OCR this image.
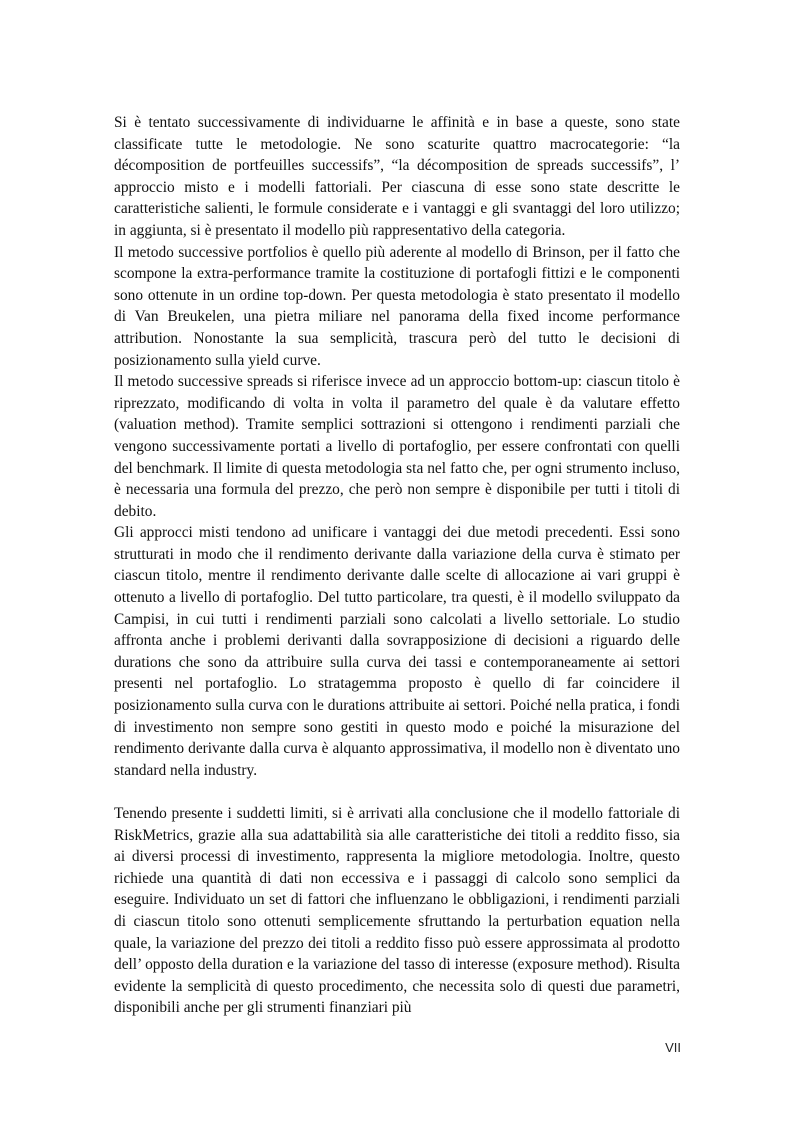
Si è tentato successivamente di individuarne le affinità e in base a queste, sono state classificate tutte le metodologie. Ne sono scaturite quattro macrocategorie: “la décomposition de portfeuilles successifs”, “la décomposition de spreads successifs”, l’ approccio misto e i modelli fattoriali. Per ciascuna di esse sono state descritte le caratteristiche salienti, le formule considerate e i vantaggi e gli svantaggi del loro utilizzo; in aggiunta, si è presentato il modello più rappresentativo della categoria.

Il metodo successive portfolios è quello più aderente al modello di Brinson, per il fatto che scompone la extra-performance tramite la costituzione di portafogli fittizi e le componenti sono ottenute in un ordine top-down. Per questa metodologia è stato presentato il modello di Van Breukelen, una pietra miliare nel panorama della fixed income performance attribution. Nonostante la sua semplicità, trascura però del tutto le decisioni di posizionamento sulla yield curve.

Il metodo successive spreads si riferisce invece ad un approccio bottom-up: ciascun titolo è riprezzato, modificando di volta in volta il parametro del quale è da valutare effetto (valuation method). Tramite semplici sottrazioni si ottengono i rendimenti parziali che vengono successivamente portati a livello di portafoglio, per essere confrontati con quelli del benchmark. Il limite di questa metodologia sta nel fatto che, per ogni strumento incluso, è necessaria una formula del prezzo, che però non sempre è disponibile per tutti i titoli di debito.

Gli approcci misti tendono ad unificare i vantaggi dei due metodi precedenti. Essi sono strutturati in modo che il rendimento derivante dalla variazione della curva è stimato per ciascun titolo, mentre il rendimento derivante dalle scelte di allocazione ai vari gruppi è ottenuto a livello di portafoglio. Del tutto particolare, tra questi, è il modello sviluppato da Campisi, in cui tutti i rendimenti parziali sono calcolati a livello settoriale. Lo studio affronta anche i problemi derivanti dalla sovrapposizione di decisioni a riguardo delle durations che sono da attribuire sulla curva dei tassi e contemporaneamente ai settori presenti nel portafoglio. Lo stratagemma proposto è quello di far coincidere il posizionamento sulla curva con le durations attribuite ai settori. Poiché nella pratica, i fondi di investimento non sempre sono gestiti in questo modo e poiché la misurazione del rendimento derivante dalla curva è alquanto approssimativa, il modello non è diventato uno standard nella industry.

Tenendo presente i suddetti limiti, si è arrivati alla conclusione che il modello fattoriale di RiskMetrics, grazie alla sua adattabilità sia alle caratteristiche dei titoli a reddito fisso, sia ai diversi processi di investimento, rappresenta la migliore metodologia. Inoltre, questo richiede una quantità di dati non eccessiva e i passaggi di calcolo sono semplici da eseguire. Individuato un set di fattori che influenzano le obbligazioni, i rendimenti parziali di ciascun titolo sono ottenuti semplicemente sfruttando la perturbation equation nella quale, la variazione del prezzo dei titoli a reddito fisso può essere approssimata al prodotto dell’ opposto della duration e la variazione del tasso di interesse (exposure method). Risulta evidente la semplicità di questo procedimento, che necessita solo di questi due parametri, disponibili anche per gli strumenti finanziari più

VII
